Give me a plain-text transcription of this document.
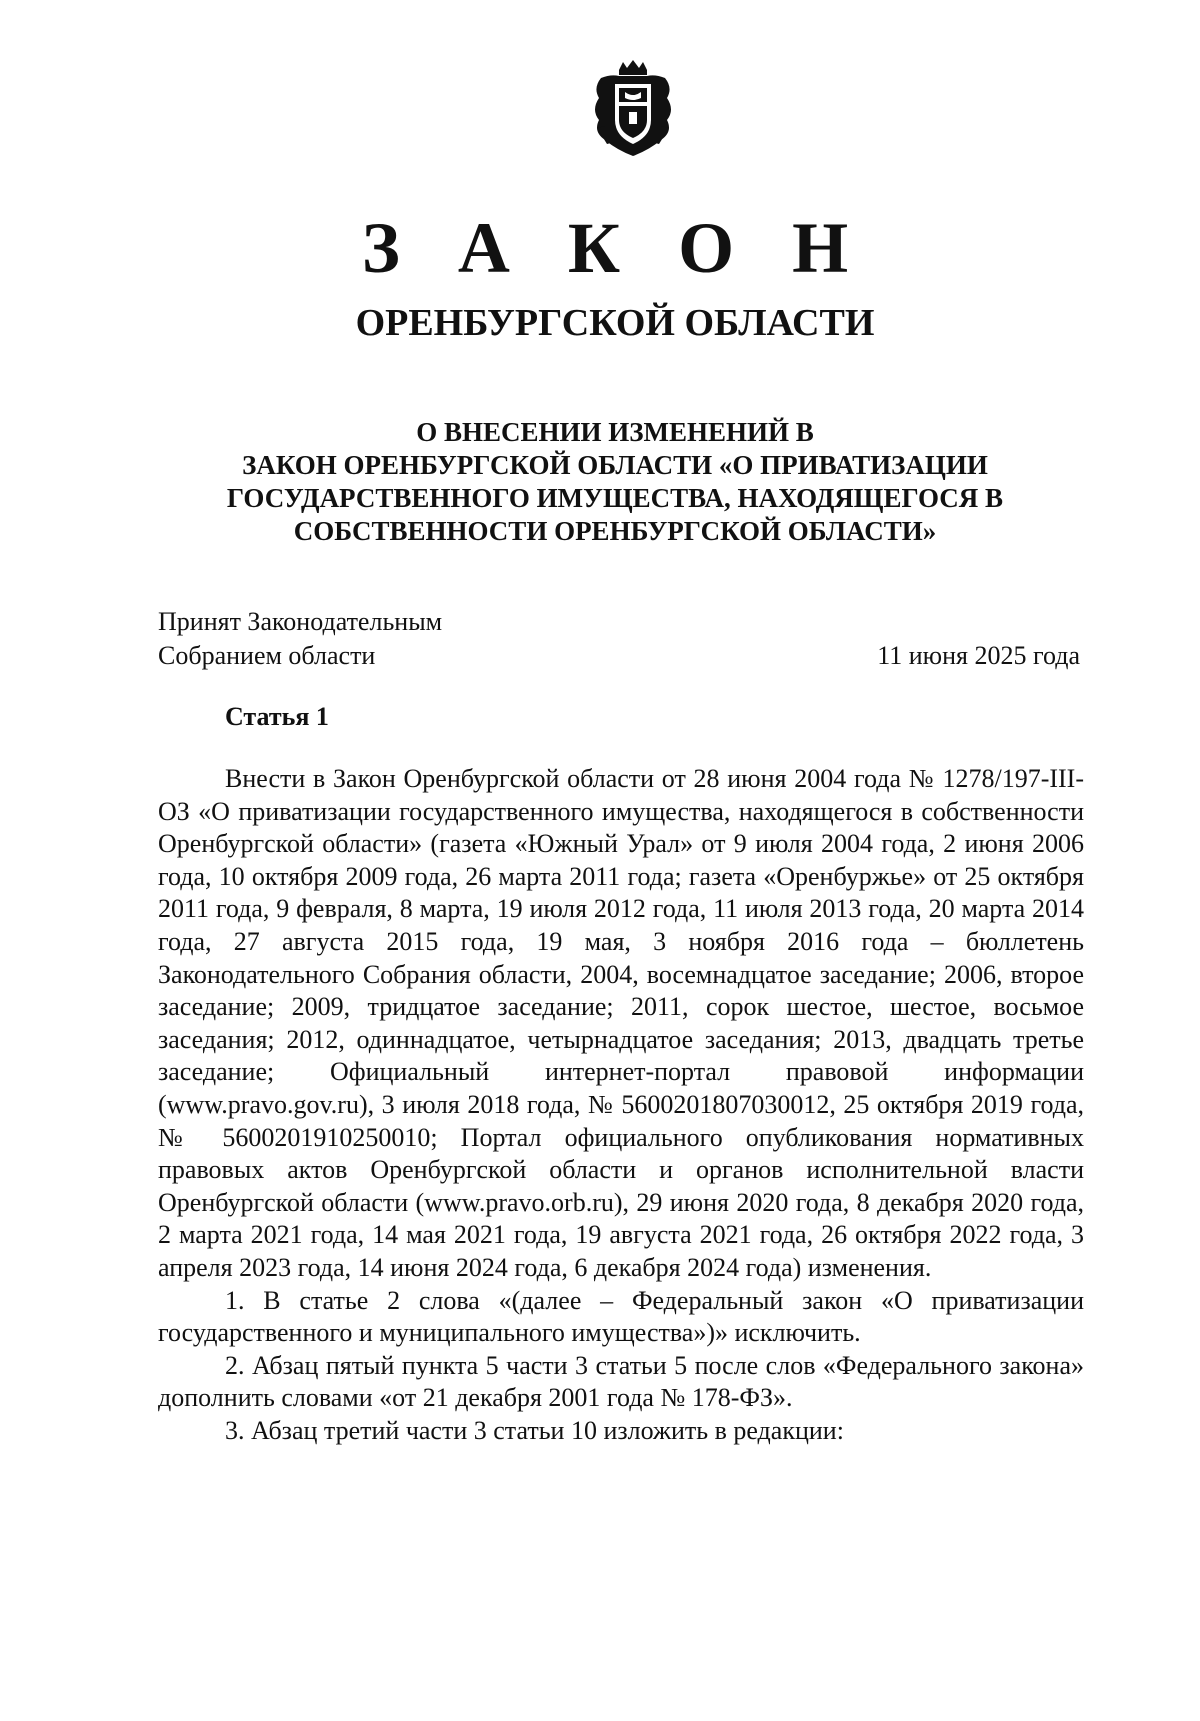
З А К О Н
ОРЕНБУРГСКОЙ ОБЛАСТИ
О ВНЕСЕНИИ ИЗМЕНЕНИЙ В
ЗАКОН ОРЕНБУРГСКОЙ ОБЛАСТИ «О ПРИВАТИЗАЦИИ
ГОСУДАРСТВЕННОГО ИМУЩЕСТВА, НАХОДЯЩЕГОСЯ В
СОБСТВЕННОСТИ ОРЕНБУРГСКОЙ ОБЛАСТИ»
Принят Законодательным
Собранием области	11 июня 2025 года
Статья 1

Внести в Закон Оренбургской области от 28 июня 2004 года № 1278/197-III-ОЗ «О приватизации государственного имущества, находящегося в собственности Оренбургской области» (газета «Южный Урал» от 9 июля 2004 года, 2 июня 2006 года, 10 октября 2009 года, 26 марта 2011 года; газета «Оренбуржье» от 25 октября 2011 года, 9 февраля, 8 марта, 19 июля 2012 года, 11 июля 2013 года, 20 марта 2014 года, 27 августа 2015 года, 19 мая, 3 ноября 2016 года – бюллетень Законодательного Собрания области, 2004, восемнадцатое заседание; 2006, второе заседание; 2009, тридцатое заседание; 2011, сорок шестое, шестое, восьмое заседания; 2012, одиннадцатое, четырнадцатое заседания; 2013, двадцать третье заседание; Официальный интернет-портал правовой информации (www.pravo.gov.ru), 3 июля 2018 года, № 5600201807030012, 25 октября 2019 года, № 5600201910250010; Портал официального опубликования нормативных правовых актов Оренбургской области и органов исполнительной власти Оренбургской области (www.pravo.orb.ru), 29 июня 2020 года, 8 декабря 2020 года, 2 марта 2021 года, 14 мая 2021 года, 19 августа 2021 года, 26 октября 2022 года, 3 апреля 2023 года, 14 июня 2024 года, 6 декабря 2024 года) изменения.

1. В статье 2 слова «(далее – Федеральный закон «О приватизации государственного и муниципального имущества»)» исключить.

2. Абзац пятый пункта 5 части 3 статьи 5 после слов «Федерального закона» дополнить словами «от 21 декабря 2001 года № 178-ФЗ».

3. Абзац третий части 3 статьи 10 изложить в редакции:
